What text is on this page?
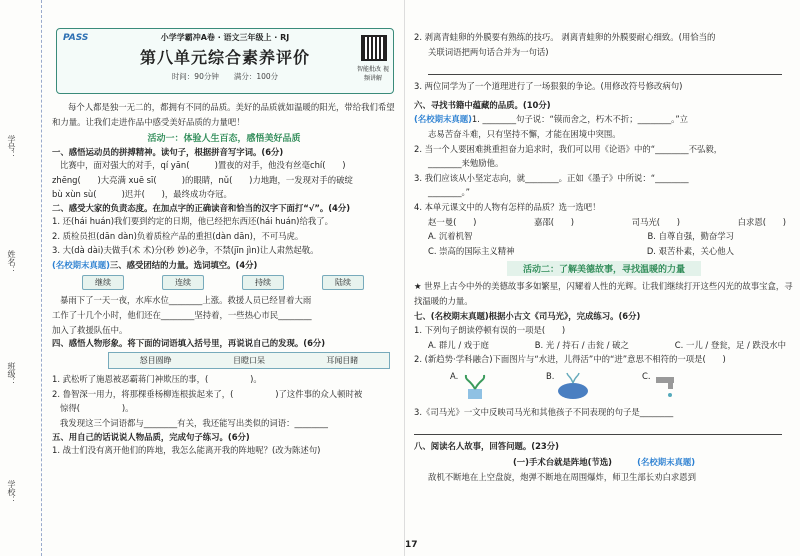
学号：
姓名：
班级：
学校：
PASS	小学学霸冲A卷 · 语文三年级上 · RJ
第八单元综合素养评价
时间：90分钟　　满分：100分
智能批改 视频讲解

每个人都是独一无二的，都拥有不同的品质。美好的品质就如温暖的阳光，带给我们希望和力量。让我们走进作品中感受美好品质的力量吧！

活动一：体验人生百态，感悟美好品质
一、感悟运动员的拼搏精神。读句子，根据拼音写字词。(6分)
比赛中，面对强大的对手，qí yān(　　　)置夜的对手，他没有丝毫chí(　　)
zhēng(　　)大亮满 xuē sī(　　　)的眼睛，nǔ(　　)力地跑，一发现对手的破绽
bù xùn sù(　　　)迟并(　　)，最终成功夺冠。
二、感受大家的负责态度。在加点字的正确读音和恰当的汉字下面打“√”。(4分)
1. 还(hái huán)我们要到约定的日期，他已经把东西还(hái huán)给我了。
2. 质检员担(dān dàn)负着质检产品的重担(dàn dān)，不可马虎。
3. 大(dà dài)夫做手(术 术)分(秒 妙)必争，不禁(jīn jìn)让人肃然起敬。
(名校期末真题)三、感受团结的力量。选词填空。(4分)
继续	连续	持续	陆续
暴雨下了一天一夜，水库水位________上涨。救援人员已经冒着大雨
工作了十几个小时，他们还在________坚持着，一些热心市民________
加入了救援队伍中。
四、感悟人物形象。将下面的词语填入括号里，再说说自己的发现。(6分)
怒目圆睁	目瞪口呆	耳闻目睹
1. 武松听了施恩被恶霸蒋门神欺压的事，(　　　　　)。
2. 鲁智深一用力，将那棵垂杨柳连根拔起来了，(　　　　　)了这件事的众人顿时被
惊得(　　　　　)。
我发现这三个词语都与________有关，我还能写出类似的词语：________
五、用自己的话说说人物品质，完成句子练习。(6分)
1. 战士们没有离开他们的阵地，我怎么能离开我的阵地呢？(改为陈述句)
2. 剥离青蛙卵的外膜要有熟练的技巧。 剥离青蛙卵的外膜要耐心细致。(用恰当的
关联词语把两句话合并为一句话)
3. 两位同学为了一个道理进行了一场狠狠的争论。(用修改符号修改病句)
六、寻找书籍中蕴藏的品质。(10分)
(名校期末真题)1. ________句子说：“镆而舍之，朽木不折；________。”立
志易苦奋斗难，只有坚持不懈，才能在困境中突围。
2. 当一个人要困难挑重担奋力追求时，我们可以用《论语》中的“________不弘毅，
________来勉励他。
3. 我们应该从小坚定志向，就________。正如《墨子》中所说：“________
________。”
4. 本单元课文中的人物有怎样的品质？选一选吧！
赵一曼(　　)	嘉邵(　　)	司马光(　　)	白求恩(　　)
A. 沉着机智	B. 自尊自强，勤奋学习
C. 崇高的国际主义精神	D. 艰苦朴素，关心他人
活动二：了解美德故事，寻找温暖的力量

★ 世界上古今中外的美德故事多如繁星，闪耀着人性的光辉。让我们继续打开这些闪光的故事宝盒，寻找温暖的力量。

七、(名校期末真题)根据小古文《司马光》，完成练习。(6分)
1. 下列句子朗读停顿有误的一项是(　　)
A. 群儿 / 戏于庭	B. 光 / 持石 / 击瓮 / 破之	C. 一儿 / 登瓮，足 / 跌没水中
2. (新趋势·学科融合)下面图片与“水进，儿得活”中的“进”意思不相符的一项是(　　)
A.	B.	C.
3.《司马光》一文中反映司马光和其他孩子不同表现的句子是________
八、阅读名人故事，回答问题。(23分)
(一)手术台就是阵地(节选)　　　	(名校期末真题)
敌机不断地在上空盘旋，炮弹不断地在周围爆炸，师卫生部长劝白求恩到
17
